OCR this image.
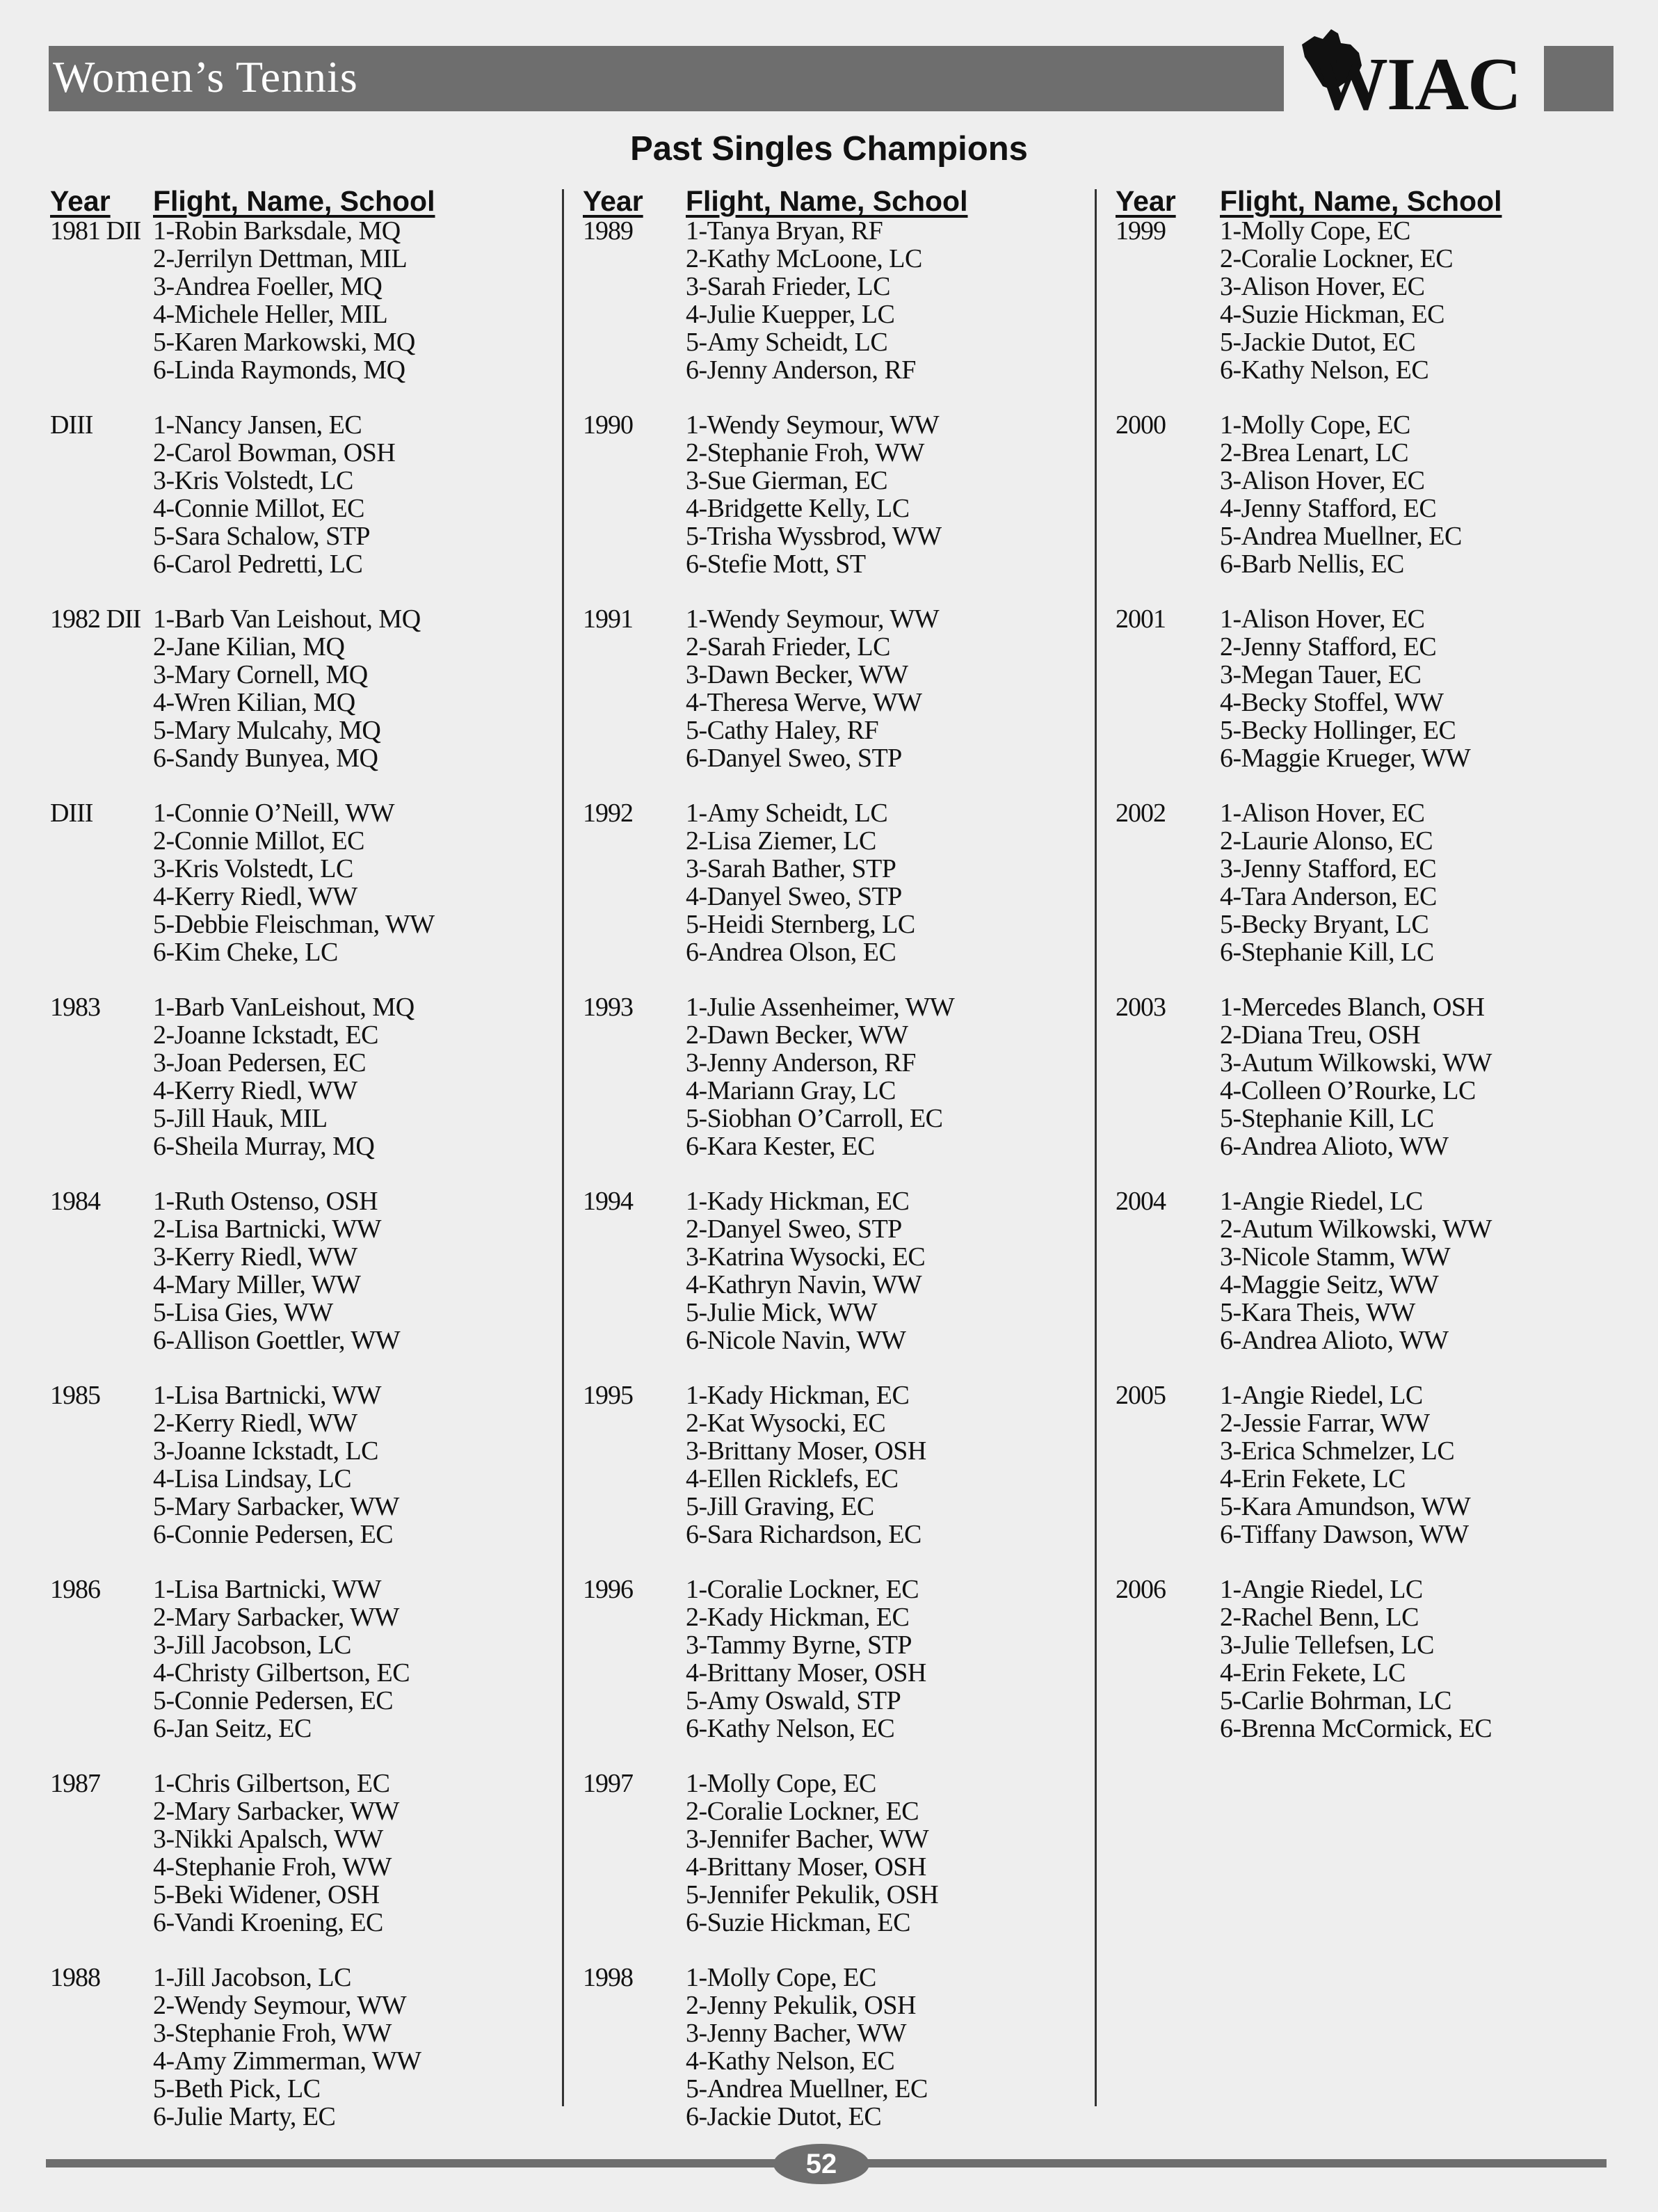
Women’s Tennis	WIAC
Past Singles Champions
Year Flight, Name, School	Year Flight, Name, School	Year Flight, Name, School
1981 DII 1-Robin Barksdale, MQ
2-Jerrilyn Dettman, MIL
3-Andrea Foeller, MQ
4-Michele Heller, MIL
5-Karen Markowski, MQ
6-Linda Raymonds, MQ
DIII 1-Nancy Jansen, EC
2-Carol Bowman, OSH
3-Kris Volstedt, LC
4-Connie Millot, EC
5-Sara Schalow, STP
6-Carol Pedretti, LC
1982 DII 1-Barb Van Leishout, MQ
2-Jane Kilian, MQ
3-Mary Cornell, MQ
4-Wren Kilian, MQ
5-Mary Mulcahy, MQ
6-Sandy Bunyea, MQ
DIII 1-Connie O’Neill, WW
2-Connie Millot, EC
3-Kris Volstedt, LC
4-Kerry Riedl, WW
5-Debbie Fleischman, WW
6-Kim Cheke, LC
1983 1-Barb VanLeishout, MQ
2-Joanne Ickstadt, EC
3-Joan Pedersen, EC
4-Kerry Riedl, WW
5-Jill Hauk, MIL
6-Sheila Murray, MQ
1984 1-Ruth Ostenso, OSH
2-Lisa Bartnicki, WW
3-Kerry Riedl, WW
4-Mary Miller, WW
5-Lisa Gies, WW
6-Allison Goettler, WW
1985 1-Lisa Bartnicki, WW
2-Kerry Riedl, WW
3-Joanne Ickstadt, LC
4-Lisa Lindsay, LC
5-Mary Sarbacker, WW
6-Connie Pedersen, EC
1986 1-Lisa Bartnicki, WW
2-Mary Sarbacker, WW
3-Jill Jacobson, LC
4-Christy Gilbertson, EC
5-Connie Pedersen, EC
6-Jan Seitz, EC
1987 1-Chris Gilbertson, EC
2-Mary Sarbacker, WW
3-Nikki Apalsch, WW
4-Stephanie Froh, WW
5-Beki Widener, OSH
6-Vandi Kroening, EC
1988 1-Jill Jacobson, LC
2-Wendy Seymour, WW
3-Stephanie Froh, WW
4-Amy Zimmerman, WW
5-Beth Pick, LC
6-Julie Marty, EC
1989 1-Tanya Bryan, RF
2-Kathy McLoone, LC
3-Sarah Frieder, LC
4-Julie Kuepper, LC
5-Amy Scheidt, LC
6-Jenny Anderson, RF
1990 1-Wendy Seymour, WW
2-Stephanie Froh, WW
3-Sue Gierman, EC
4-Bridgette Kelly, LC
5-Trisha Wyssbrod, WW
6-Stefie Mott, ST
1991 1-Wendy Seymour, WW
2-Sarah Frieder, LC
3-Dawn Becker, WW
4-Theresa Werve, WW
5-Cathy Haley, RF
6-Danyel Sweo, STP
1992 1-Amy Scheidt, LC
2-Lisa Ziemer, LC
3-Sarah Bather, STP
4-Danyel Sweo, STP
5-Heidi Sternberg, LC
6-Andrea Olson, EC
1993 1-Julie Assenheimer, WW
2-Dawn Becker, WW
3-Jenny Anderson, RF
4-Mariann Gray, LC
5-Siobhan O’Carroll, EC
6-Kara Kester, EC
1994 1-Kady Hickman, EC
2-Danyel Sweo, STP
3-Katrina Wysocki, EC
4-Kathryn Navin, WW
5-Julie Mick, WW
6-Nicole Navin, WW
1995 1-Kady Hickman, EC
2-Kat Wysocki, EC
3-Brittany Moser, OSH
4-Ellen Ricklefs, EC
5-Jill Graving, EC
6-Sara Richardson, EC
1996 1-Coralie Lockner, EC
2-Kady Hickman, EC
3-Tammy Byrne, STP
4-Brittany Moser, OSH
5-Amy Oswald, STP
6-Kathy Nelson, EC
1997 1-Molly Cope, EC
2-Coralie Lockner, EC
3-Jennifer Bacher, WW
4-Brittany Moser, OSH
5-Jennifer Pekulik, OSH
6-Suzie Hickman, EC
1998 1-Molly Cope, EC
2-Jenny Pekulik, OSH
3-Jenny Bacher, WW
4-Kathy Nelson, EC
5-Andrea Muellner, EC
6-Jackie Dutot, EC
1999 1-Molly Cope, EC
2-Coralie Lockner, EC
3-Alison Hover, EC
4-Suzie Hickman, EC
5-Jackie Dutot, EC
6-Kathy Nelson, EC
2000 1-Molly Cope, EC
2-Brea Lenart, LC
3-Alison Hover, EC
4-Jenny Stafford, EC
5-Andrea Muellner, EC
6-Barb Nellis, EC
2001 1-Alison Hover, EC
2-Jenny Stafford, EC
3-Megan Tauer, EC
4-Becky Stoffel, WW
5-Becky Hollinger, EC
6-Maggie Krueger, WW
2002 1-Alison Hover, EC
2-Laurie Alonso, EC
3-Jenny Stafford, EC
4-Tara Anderson, EC
5-Becky Bryant, LC
6-Stephanie Kill, LC
2003 1-Mercedes Blanch, OSH
2-Diana Treu, OSH
3-Autum Wilkowski, WW
4-Colleen O’Rourke, LC
5-Stephanie Kill, LC
6-Andrea Alioto, WW
2004 1-Angie Riedel, LC
2-Autum Wilkowski, WW
3-Nicole Stamm, WW
4-Maggie Seitz, WW
5-Kara Theis, WW
6-Andrea Alioto, WW
2005 1-Angie Riedel, LC
2-Jessie Farrar, WW
3-Erica Schmelzer, LC
4-Erin Fekete, LC
5-Kara Amundson, WW
6-Tiffany Dawson, WW
2006 1-Angie Riedel, LC
2-Rachel Benn, LC
3-Julie Tellefsen, LC
4-Erin Fekete, LC
5-Carlie Bohrman, LC
6-Brenna McCormick, EC
52
